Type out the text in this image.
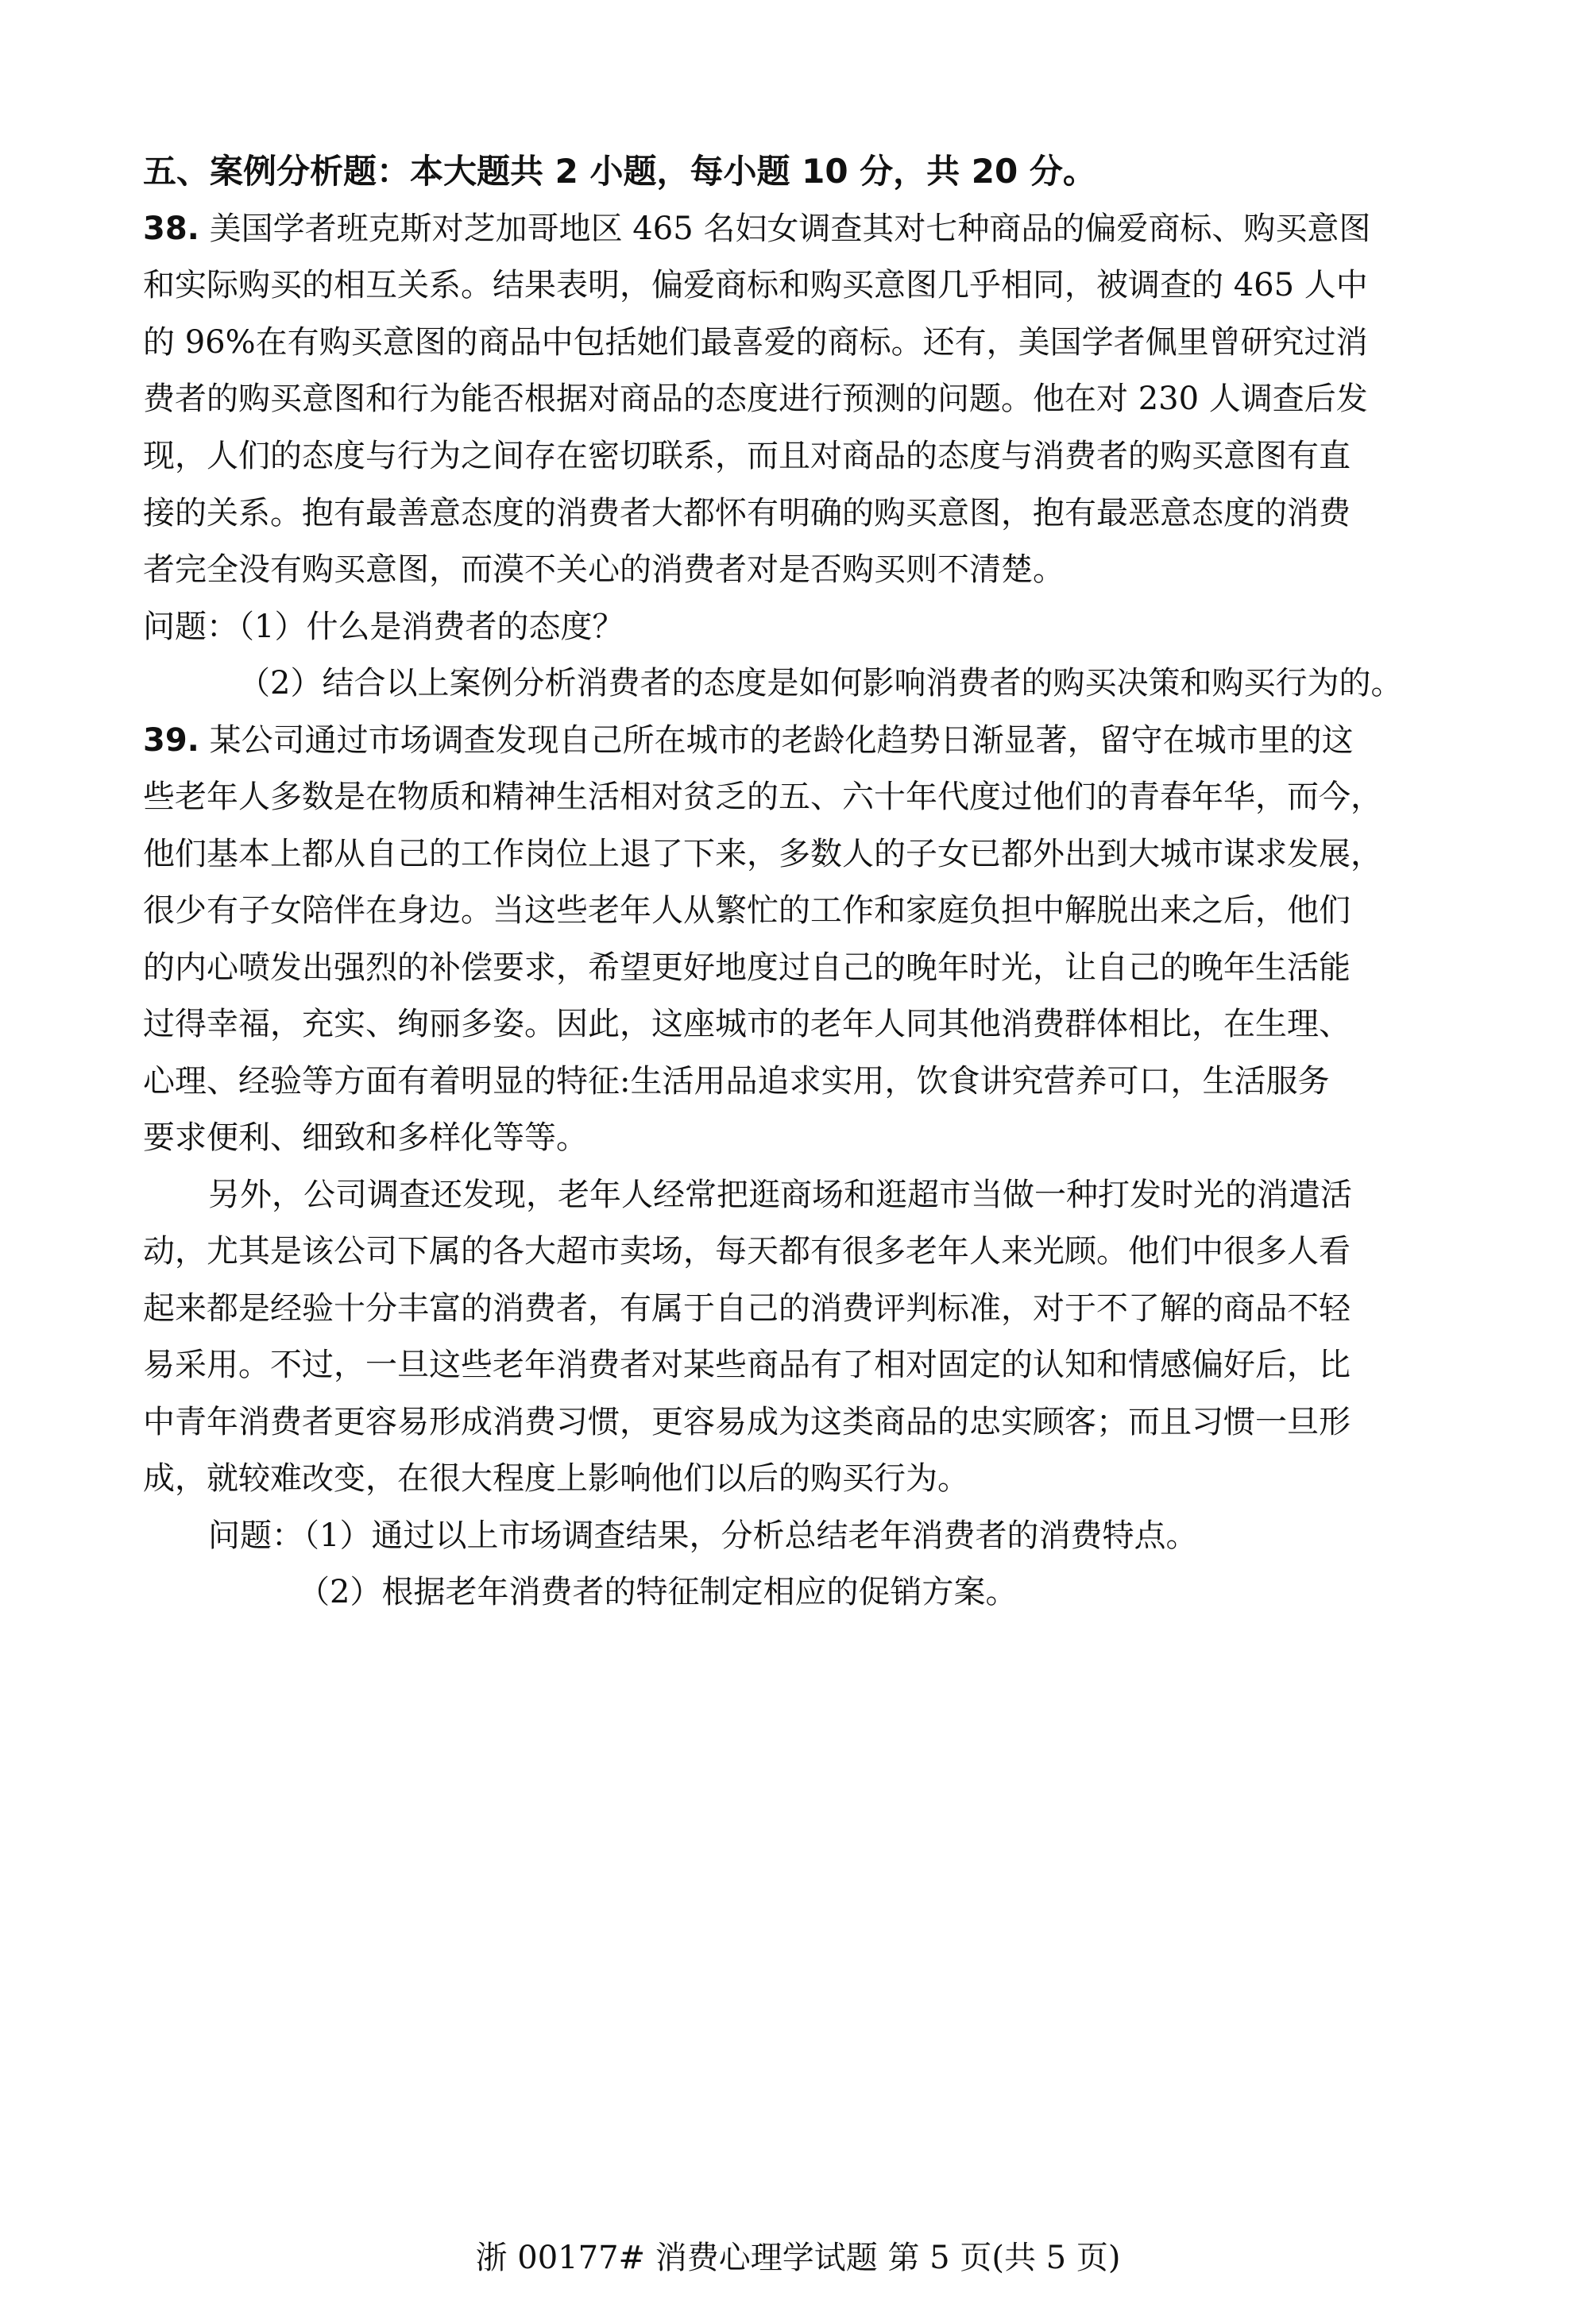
五、案例分析题：本大题共 2 小题，每小题 10 分，共 20 分。
38. 美国学者班克斯对芝加哥地区 465 名妇女调查其对七种商品的偏爱商标、购买意图
和实际购买的相互关系。结果表明，偏爱商标和购买意图几乎相同，被调查的 465 人中
的 96%在有购买意图的商品中包括她们最喜爱的商标。还有，美国学者佩里曾研究过消
费者的购买意图和行为能否根据对商品的态度进行预测的问题。他在对 230 人调查后发
现，人们的态度与行为之间存在密切联系，而且对商品的态度与消费者的购买意图有直
接的关系。抱有最善意态度的消费者大都怀有明确的购买意图，抱有最恶意态度的消费
者完全没有购买意图，而漠不关心的消费者对是否购买则不清楚。
问题：（1）什么是消费者的态度？
（2）结合以上案例分析消费者的态度是如何影响消费者的购买决策和购买行为的。
39. 某公司通过市场调查发现自己所在城市的老龄化趋势日渐显著，留守在城市里的这
些老年人多数是在物质和精神生活相对贫乏的五、六十年代度过他们的青春年华，而今，
他们基本上都从自己的工作岗位上退了下来，多数人的子女已都外出到大城市谋求发展，
很少有子女陪伴在身边。当这些老年人从繁忙的工作和家庭负担中解脱出来之后，他们
的内心喷发出强烈的补偿要求，希望更好地度过自己的晚年时光，让自己的晚年生活能
过得幸福，充实、绚丽多姿。因此，这座城市的老年人同其他消费群体相比，在生理、
心理、经验等方面有着明显的特征:生活用品追求实用，饮食讲究营养可口，生活服务
要求便利、细致和多样化等等。
另外，公司调查还发现，老年人经常把逛商场和逛超市当做一种打发时光的消遣活
动，尤其是该公司下属的各大超市卖场，每天都有很多老年人来光顾。他们中很多人看
起来都是经验十分丰富的消费者，有属于自己的消费评判标准，对于不了解的商品不轻
易采用。不过，一旦这些老年消费者对某些商品有了相对固定的认知和情感偏好后，比
中青年消费者更容易形成消费习惯，更容易成为这类商品的忠实顾客；而且习惯一旦形
成，就较难改变，在很大程度上影响他们以后的购买行为。
问题：（1）通过以上市场调查结果，分析总结老年消费者的消费特点。
（2）根据老年消费者的特征制定相应的促销方案。
浙 00177# 消费心理学试题 第 5 页(共 5 页)
